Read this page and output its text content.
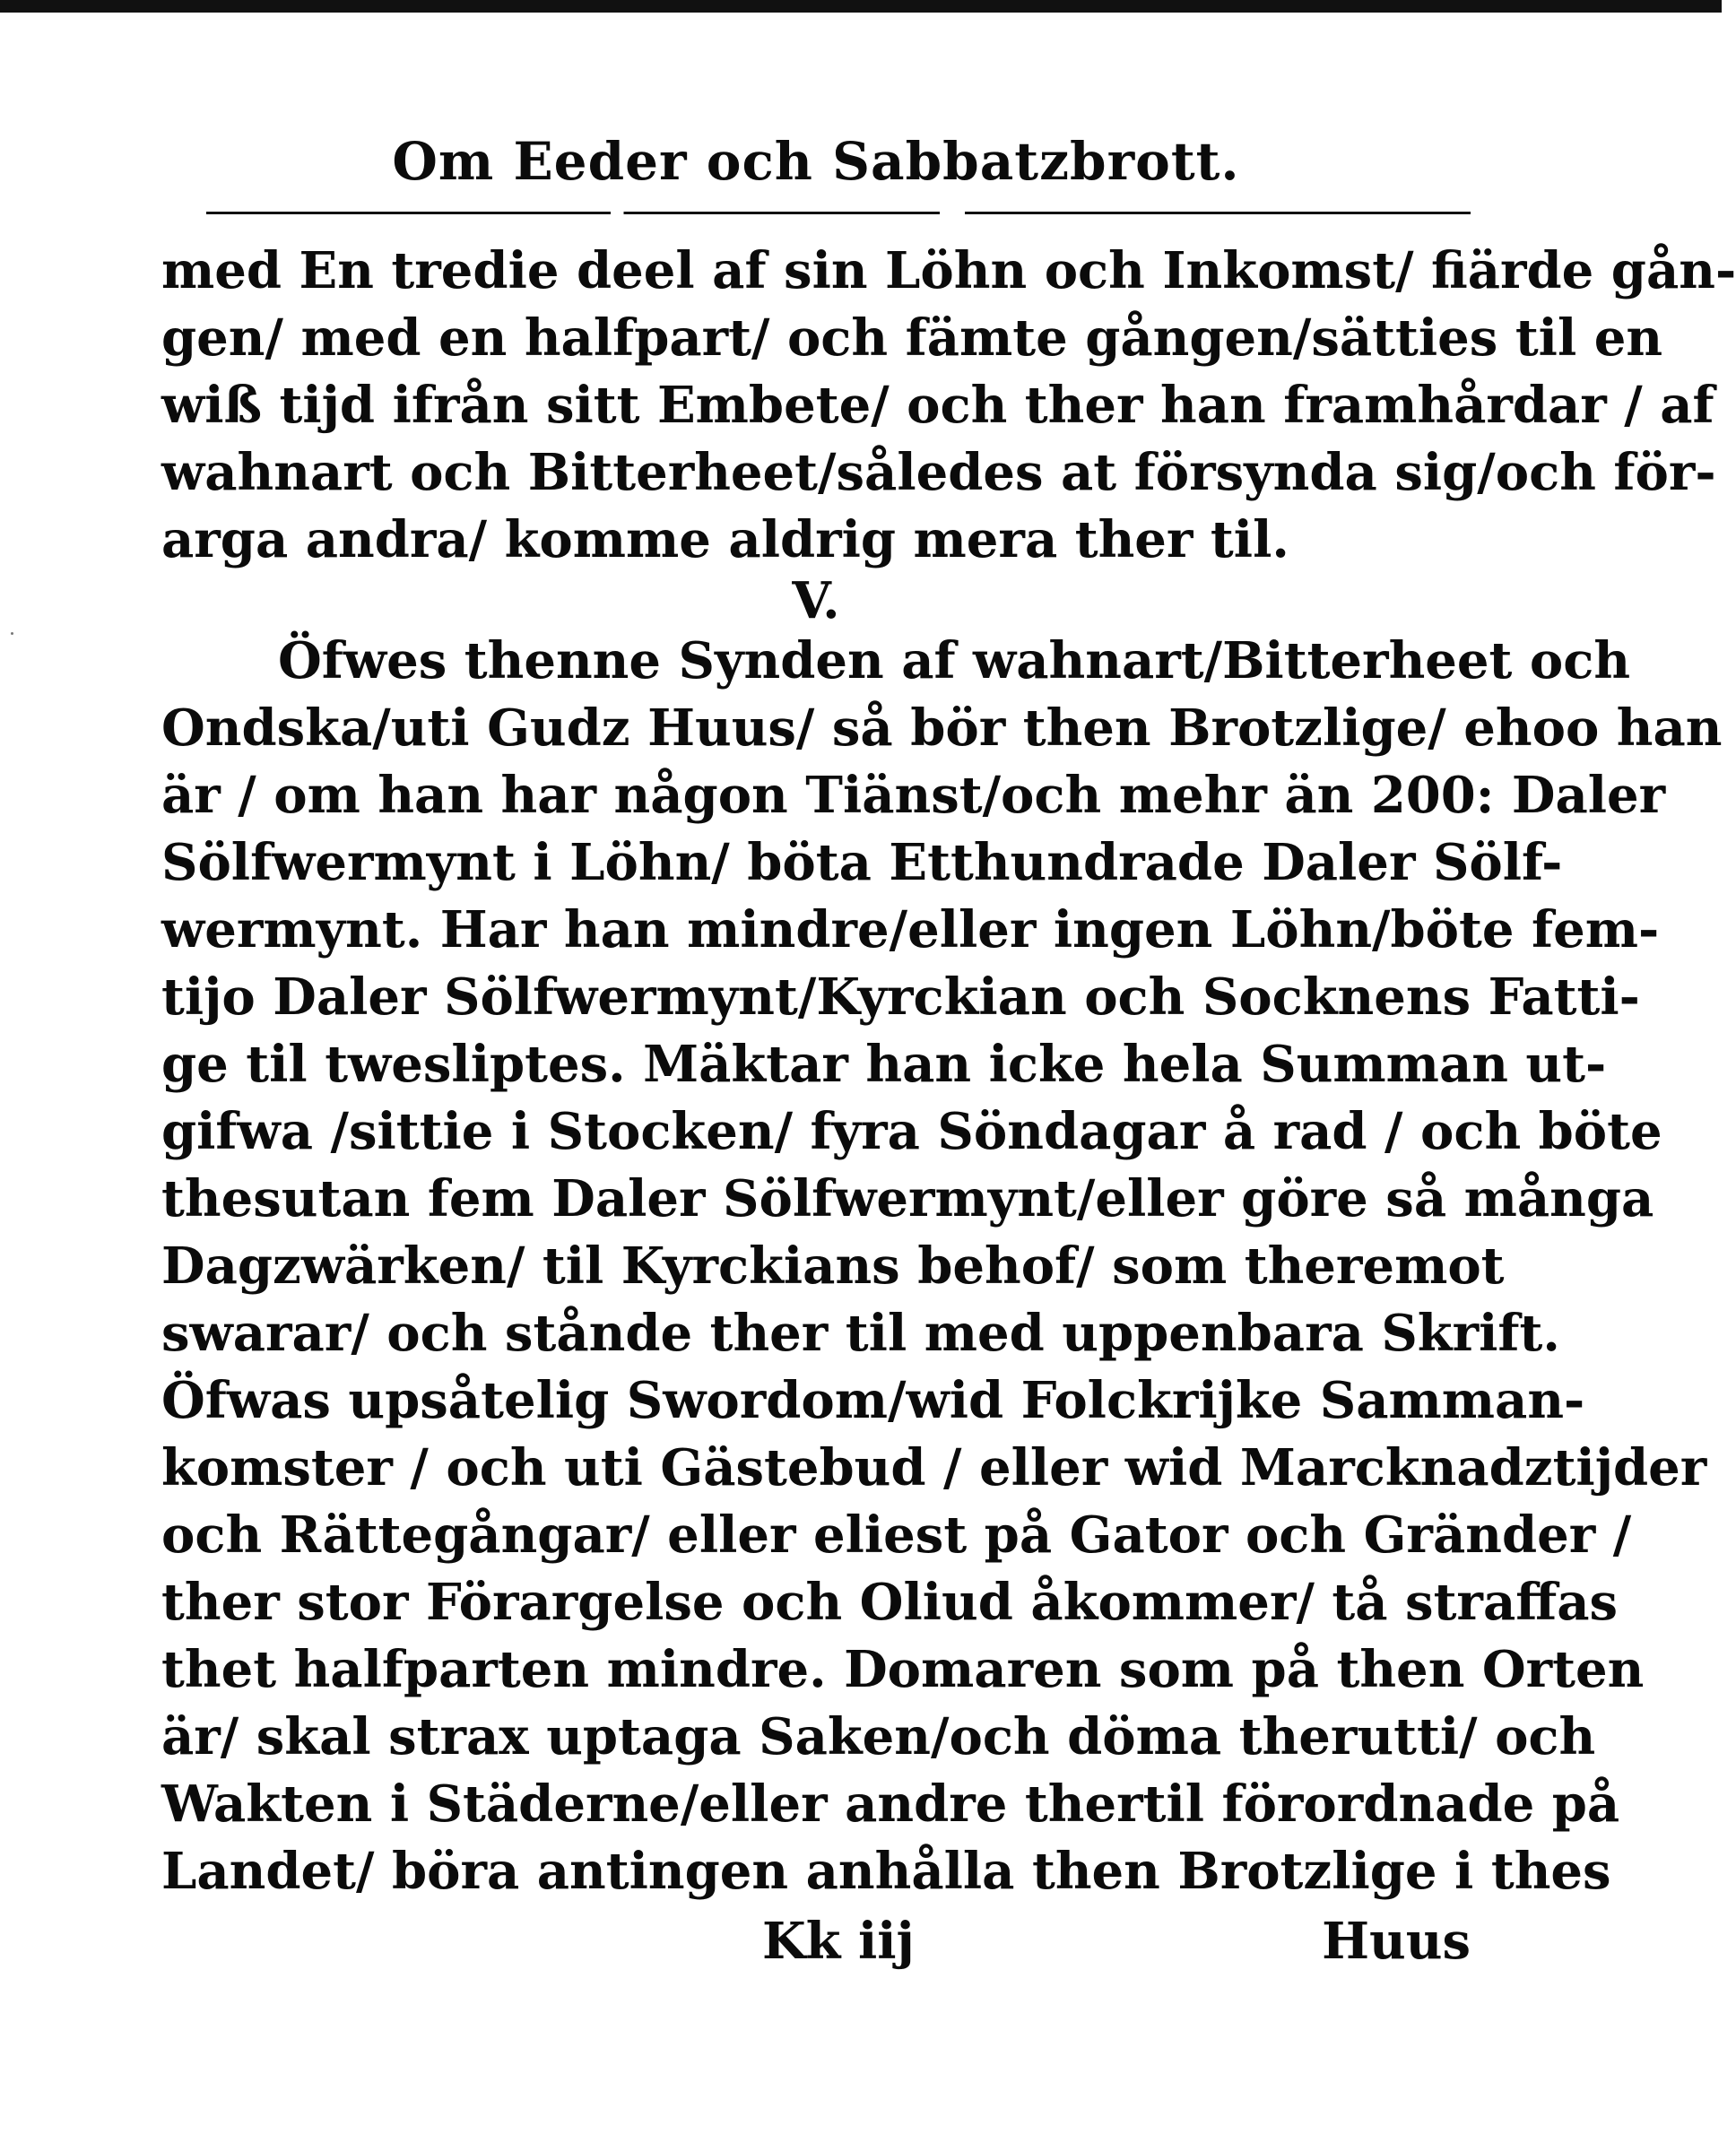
Om Eeder och Sabbatzbrott.
med En tredie deel af sin Löhn och Inkomst/ fiärde gån-
gen/ med en halfpart/ och fämte gången/sätties til en
wiß tijd ifrån sitt Embete/ och ther han framhårdar / af
wahnart och Bitterheet/således at försynda sig/och för-
arga andra/ komme aldrig mera ther til.
V.
Öfwes thenne Synden af wahnart/Bitterheet och
Ondska/uti Gudz Huus/ så bör then Brotzlige/ ehoo han
är / om han har någon Tiänst/och mehr än 200: Daler
Sölfwermynt i Löhn/ böta Etthundrade Daler Sölf-
wermynt. Har han mindre/eller ingen Löhn/böte fem-
tijo Daler Sölfwermynt/Kyrckian och Socknens Fatti-
ge til twesliptes. Mäktar han icke hela Summan ut-
gifwa /sittie i Stocken/ fyra Söndagar å rad / och böte
thesutan fem Daler Sölfwermynt/eller göre så många
Dagzwärken/ til Kyrckians behof/ som theremot
swarar/ och stånde ther til med uppenbara Skrift.
Öfwas upsåtelig Swordom/wid Folckrijke Samman-
komster / och uti Gästebud / eller wid Marcknadztijder
och Rättegångar/ eller eliest på Gator och Gränder /
ther stor Förargelse och Oliud åkommer/ tå straffas
thet halfparten mindre. Domaren som på then Orten
är/ skal strax uptaga Saken/och döma therutti/ och
Wakten i Städerne/eller andre thertil förordnade på
Landet/ böra antingen anhålla then Brotzlige i thes
Kk iij	Huus
